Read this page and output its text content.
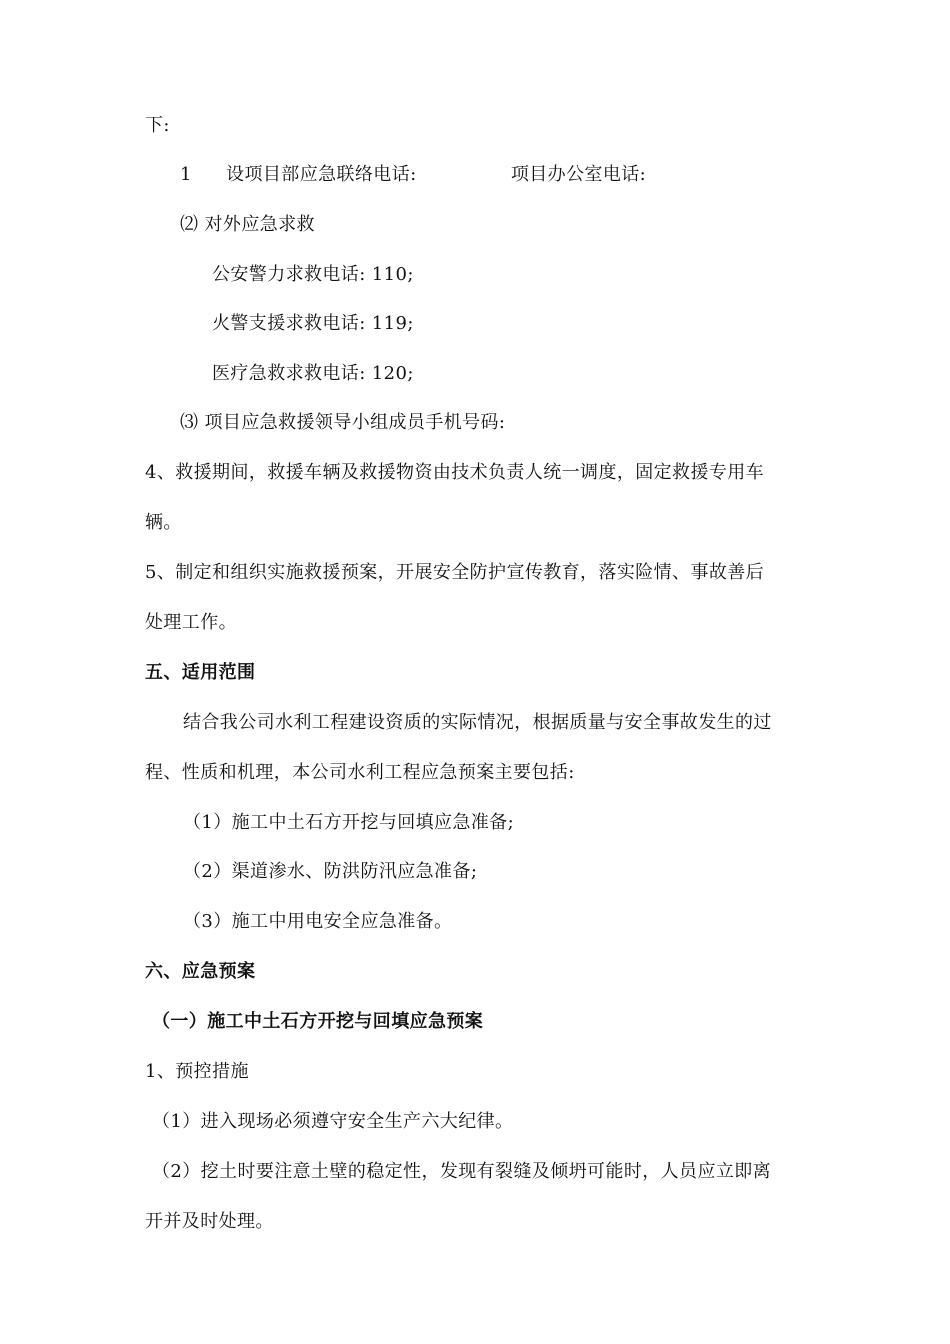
下:
1 设项目部应急联络电话:	项目办公室电话:
⑵ 对外应急求救
公安警力求救电话: 110;
火警支援求救电话: 119;
医疗急救求救电话: 120;
⑶ 项目应急救援领导小组成员手机号码:
4、救援期间，救援车辆及救援物资由技术负责人统一调度，固定救援专用车
辆。
5、制定和组织实施救援预案，开展安全防护宣传教育，落实险情、事故善后
处理工作。
五、适用范围
结合我公司水利工程建设资质的实际情况，根据质量与安全事故发生的过
程、性质和机理，本公司水利工程应急预案主要包括:
（1）施工中土石方开挖与回填应急准备;
（2）渠道渗水、防洪防汛应急准备;
（3）施工中用电安全应急准备。
六、应急预案
（一）施工中土石方开挖与回填应急预案
1、预控措施
（1）进入现场必须遵守安全生产六大纪律。
（2）挖土时要注意土壁的稳定性，发现有裂缝及倾坍可能时，人员应立即离
开并及时处理。
